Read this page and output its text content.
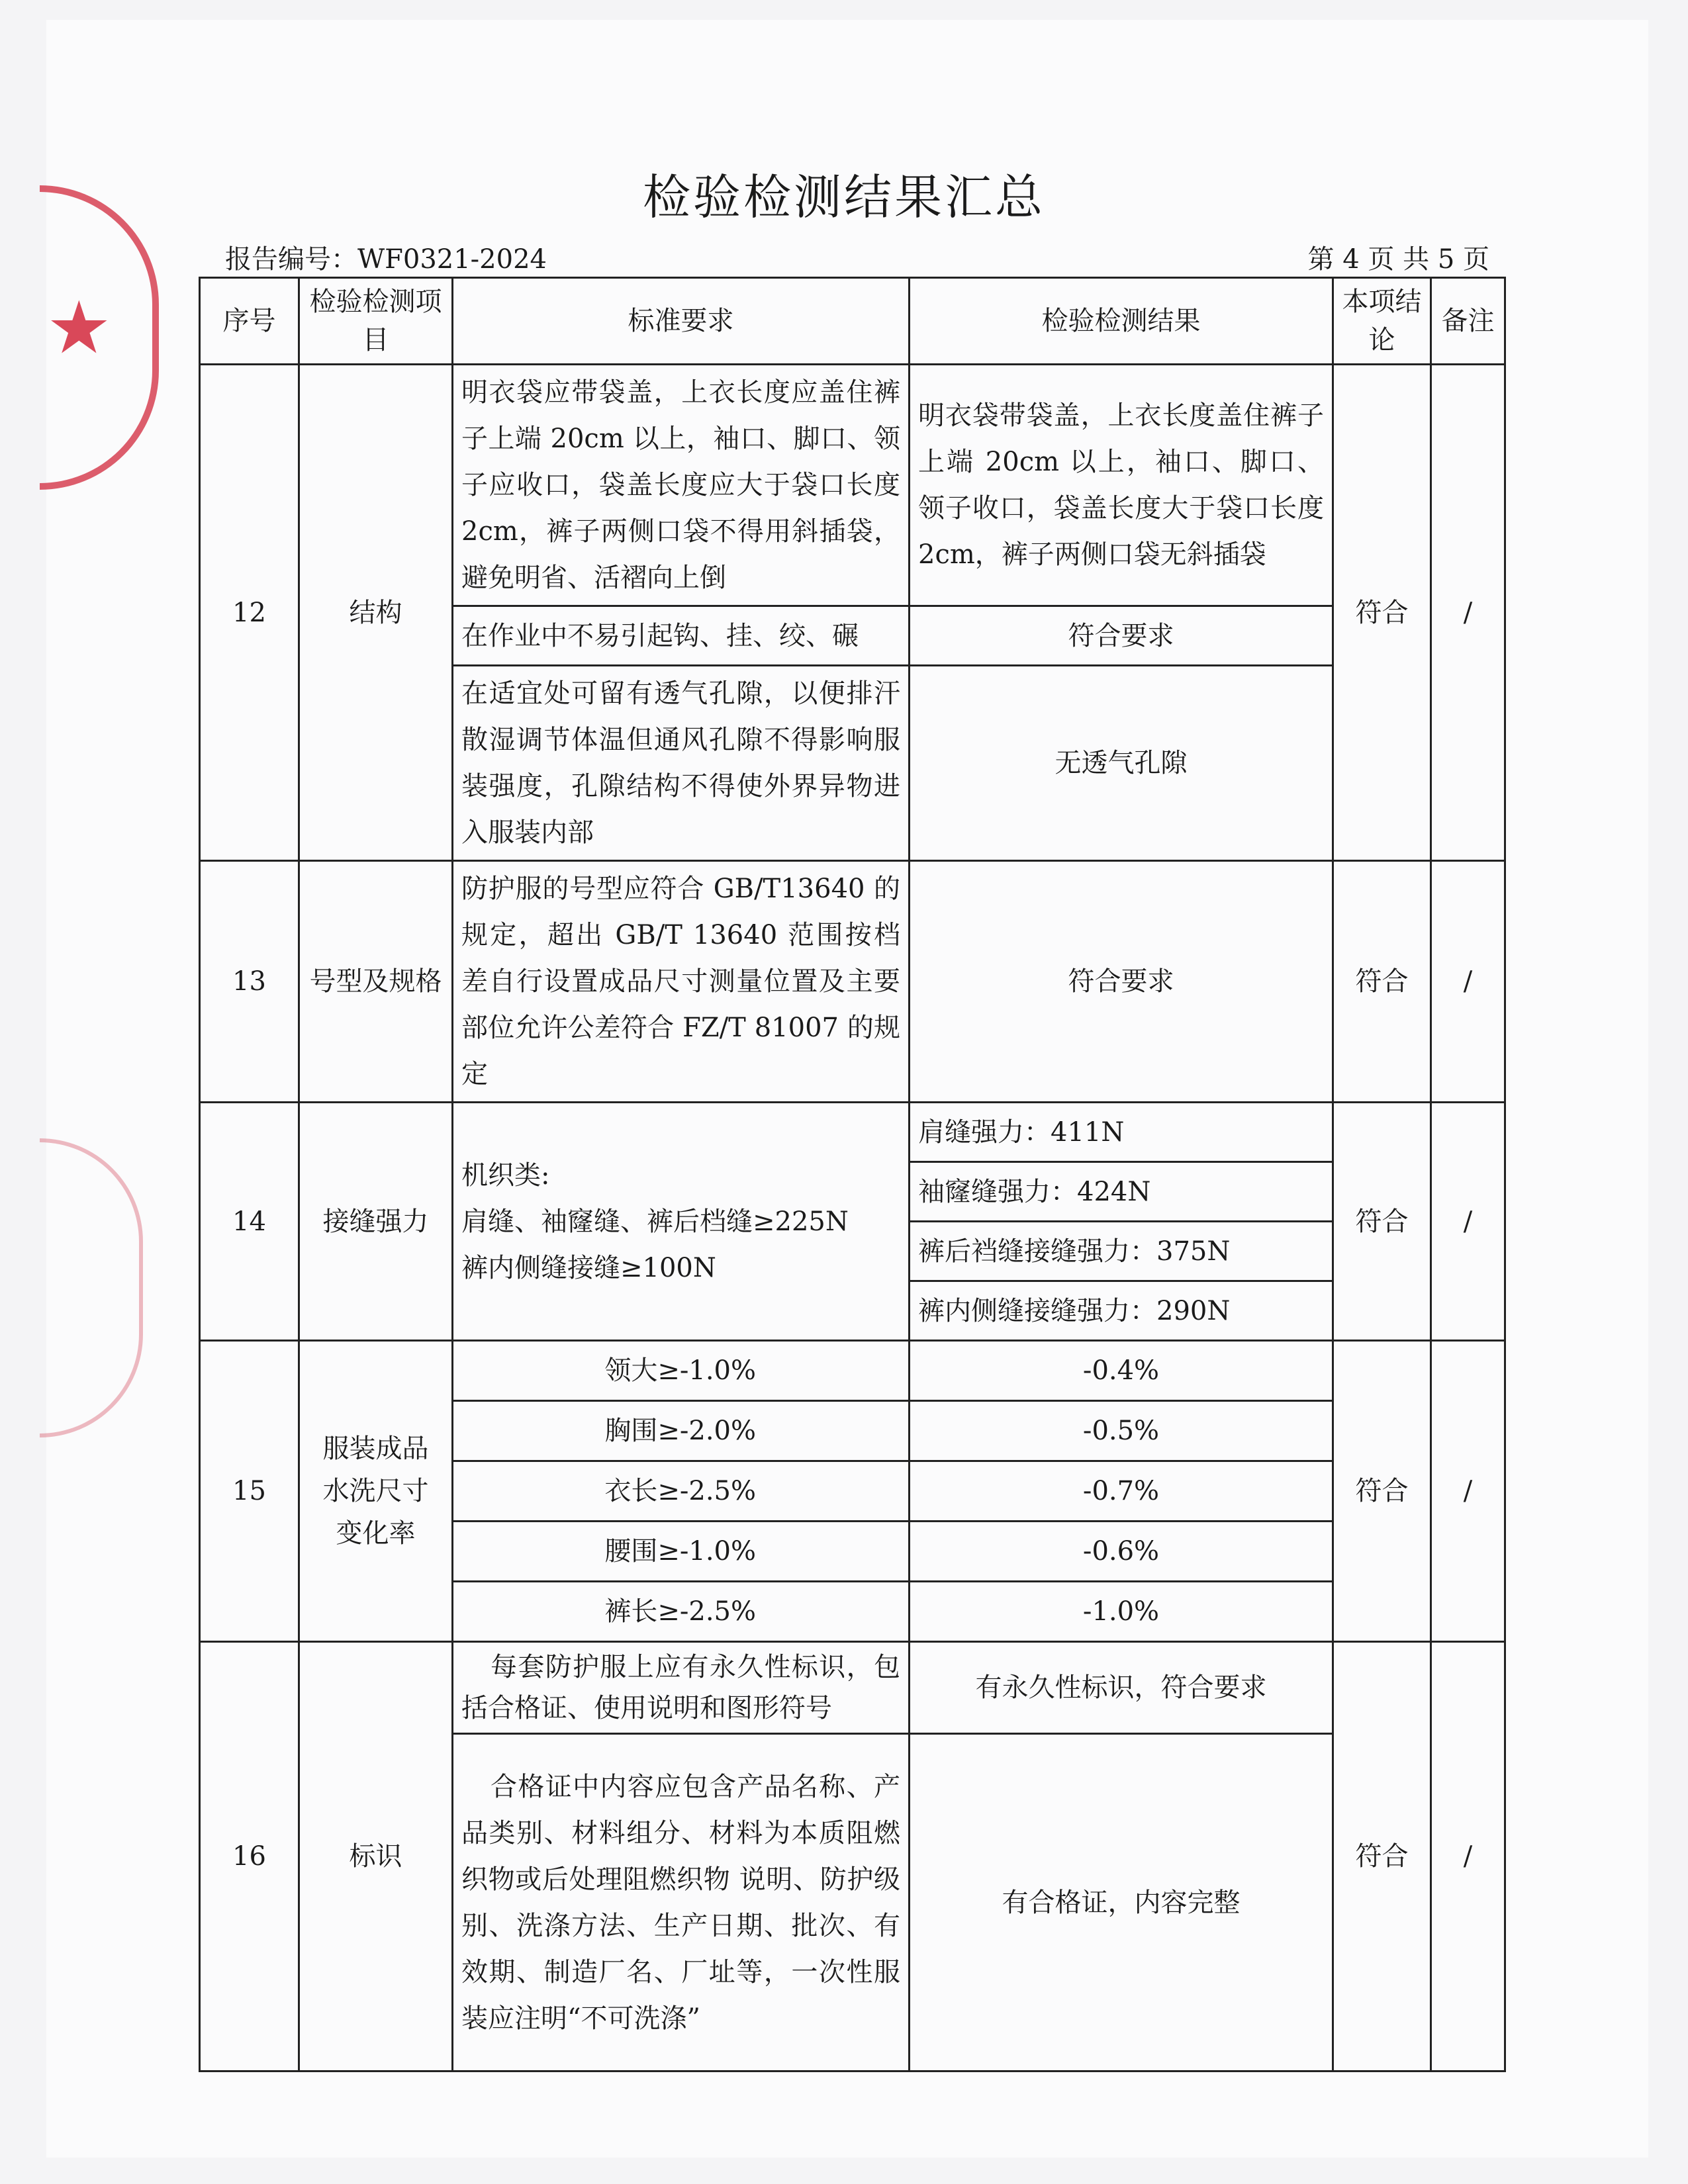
★
检验检测结果汇总
报告编号：WF0321-2024	第 4 页 共 5 页
序号	检验检测项目	标准要求	检验检测结果	本项结论	备注
12	结构	明衣袋应带袋盖，上衣长度应盖住裤子上端 20cm 以上，袖口、脚口、领子应收口，袋盖长度应大于袋口长度 2cm，裤子两侧口袋不得用斜插袋，避免明省、活褶向上倒	明衣袋带袋盖，上衣长度盖住裤子上端 20cm 以上，袖口、脚口、领子收口，袋盖长度大于袋口长度 2cm，裤子两侧口袋无斜插袋	符合	/
		在作业中不易引起钩、挂、绞、碾	符合要求		
		在适宜处可留有透气孔隙，以便排汗散湿调节体温但通风孔隙不得影响服装强度，孔隙结构不得使外界异物进入服装内部	无透气孔隙		
13	号型及规格	防护服的号型应符合 GB/T13640 的规定，超出 GB/T 13640 范围按档差自行设置成品尺寸测量位置及主要部位允许公差符合 FZ/T 81007 的规定	符合要求	符合	/
14	接缝强力	机织类:
肩缝、袖窿缝、裤后档缝≥225N
裤内侧缝接缝≥100N	肩缝强力：411N	符合	/
			袖窿缝强力：424N		
			裤后裆缝接缝强力：375N		
			裤内侧缝接缝强力：290N		
15	服装成品
水洗尺寸
变化率	领大≥-1.0%	-0.4%	符合	/
		胸围≥-2.0%	-0.5%		
		衣长≥-2.5%	-0.7%		
		腰围≥-1.0%	-0.6%		
		裤长≥-2.5%	-1.0%		
16	标识	每套防护服上应有永久性标识，包括合格证、使用说明和图形符号	有永久性标识，符合要求	符合	/
		合格证中内容应包含产品名称、产品类别、材料组分、材料为本质阻燃织物或后处理阻燃织物 说明、防护级别、洗涤方法、生产日期、批次、有效期、制造厂名、厂址等，一次性服装应注明“不可洗涤”	有合格证，内容完整		
